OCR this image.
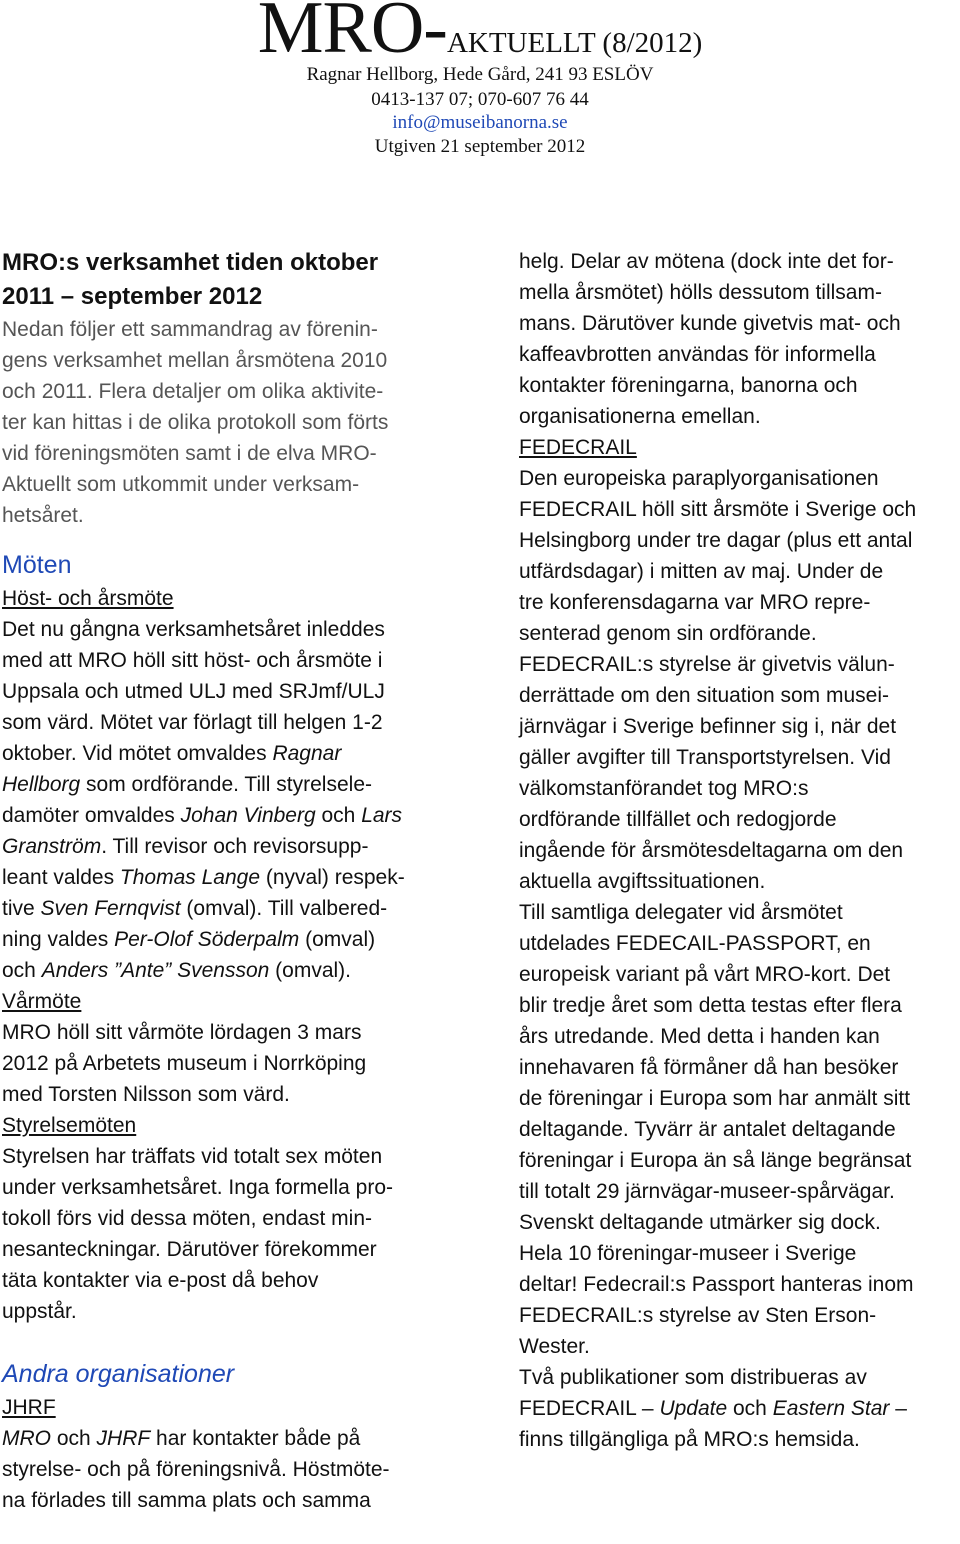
MRO-AKTUELLT (8/2012)
Ragnar Hellborg, Hede Gård, 241 93 ESLÖV
0413-137 07; 070-607 76 44
info@museibanorna.se
Utgiven 21 september 2012

MRO:s verksamhet tiden oktober

2011 – september 2012

Nedan följer ett sammandrag av förenin-

gens verksamhet mellan årsmötena 2010

och 2011. Flera detaljer om olika aktivite-

ter kan hittas i de olika protokoll som förts

vid föreningsmöten samt i de elva MRO-

Aktuellt som utkommit under verksam-

hetsåret.

Möten

Höst- och årsmöte

Det nu gångna verksamhetsåret inleddes

med att MRO höll sitt höst- och årsmöte i

Uppsala och utmed ULJ med SRJmf/ULJ

som värd. Mötet var förlagt till helgen 1-2

oktober. Vid mötet omvaldes Ragnar

Hellborg som ordförande. Till styrelsele-

damöter omvaldes Johan Vinberg och Lars

Granström. Till revisor och revisorsupp-

leant valdes Thomas Lange (nyval) respek-

tive Sven Fernqvist (omval). Till valbered-

ning valdes Per-Olof Söderpalm (omval)

och Anders ”Ante” Svensson (omval).

Vårmöte

MRO höll sitt vårmöte lördagen 3 mars

2012 på Arbetets museum i Norrköping

med Torsten Nilsson som värd.

Styrelsemöten

Styrelsen har träffats vid totalt sex möten

under verksamhetsåret. Inga formella pro-

tokoll förs vid dessa möten, endast min-

nesanteckningar. Därutöver förekommer

täta kontakter via e-post då behov

uppstår.

Andra organisationer

JHRF

MRO och JHRF har kontakter både på

styrelse- och på föreningsnivå. Höstmöte-

na förlades till samma plats och samma

helg. Delar av mötena (dock inte det for-

mella årsmötet) hölls dessutom tillsam-

mans. Därutöver kunde givetvis mat- och

kaffeavbrotten användas för informella

kontakter föreningarna, banorna och

organisationerna emellan.

FEDECRAIL

Den europeiska paraplyorganisationen

FEDECRAIL höll sitt årsmöte i Sverige och

Helsingborg under tre dagar (plus ett antal

utfärdsdagar) i mitten av maj. Under de

tre konferensdagarna var MRO repre-

senterad genom sin ordförande.

FEDECRAIL:s styrelse är givetvis välun-

derrättade om den situation som musei-

järnvägar i Sverige befinner sig i, när det

gäller avgifter till Transportstyrelsen. Vid

välkomstanförandet tog MRO:s

ordförande tillfället och redogjorde

ingående för årsmötesdeltagarna om den

aktuella avgiftssituationen.

Till samtliga delegater vid årsmötet

utdelades FEDECAIL-PASSPORT, en

europeisk variant på vårt MRO-kort. Det

blir tredje året som detta testas efter flera

års utredande. Med detta i handen kan

innehavaren få förmåner då han besöker

de föreningar i Europa som har anmält sitt

deltagande. Tyvärr är antalet deltagande

föreningar i Europa än så länge begränsat

till totalt 29 järnvägar-museer-spårvägar.

Svenskt deltagande utmärker sig dock.

Hela 10 föreningar-museer i Sverige

deltar! Fedecrail:s Passport hanteras inom

FEDECRAIL:s styrelse av Sten Erson-

Wester.

Två publikationer som distribueras av

FEDECRAIL – Update och Eastern Star –

finns tillgängliga på MRO:s hemsida.
